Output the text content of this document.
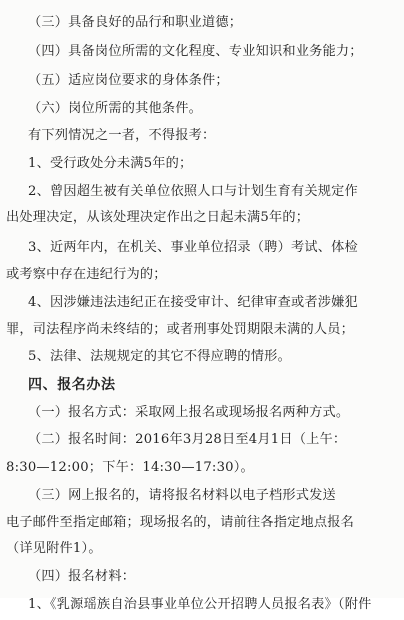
（三）具备良好的品行和职业道德；
（四）具备岗位所需的文化程度、专业知识和业务能力；
（五）适应岗位要求的身体条件；
（六）岗位所需的其他条件。
有下列情况之一者，不得报考：
1、受行政处分未满5年的；
2、曾因超生被有关单位依照人口与计划生育有关规定作
出处理决定，从该处理决定作出之日起未满5年的；
3、近两年内，在机关、事业单位招录（聘）考试、体检
或考察中存在违纪行为的；
4、因涉嫌违法违纪正在接受审计、纪律审查或者涉嫌犯
罪，司法程序尚未终结的；或者刑事处罚期限未满的人员；
5、法律、法规规定的其它不得应聘的情形。
四、报名办法
（一）报名方式：采取网上报名或现场报名两种方式。
（二）报名时间：2016年3月28日至4月1日（上午：
8:30—12:00；下午：14:30—17:30）。
（三）网上报名的，请将报名材料以电子档形式发送
电子邮件至指定邮箱；现场报名的，请前往各指定地点报名
（详见附件1）。
（四）报名材料：
1、《乳源瑶族自治县事业单位公开招聘人员报名表》（附件
